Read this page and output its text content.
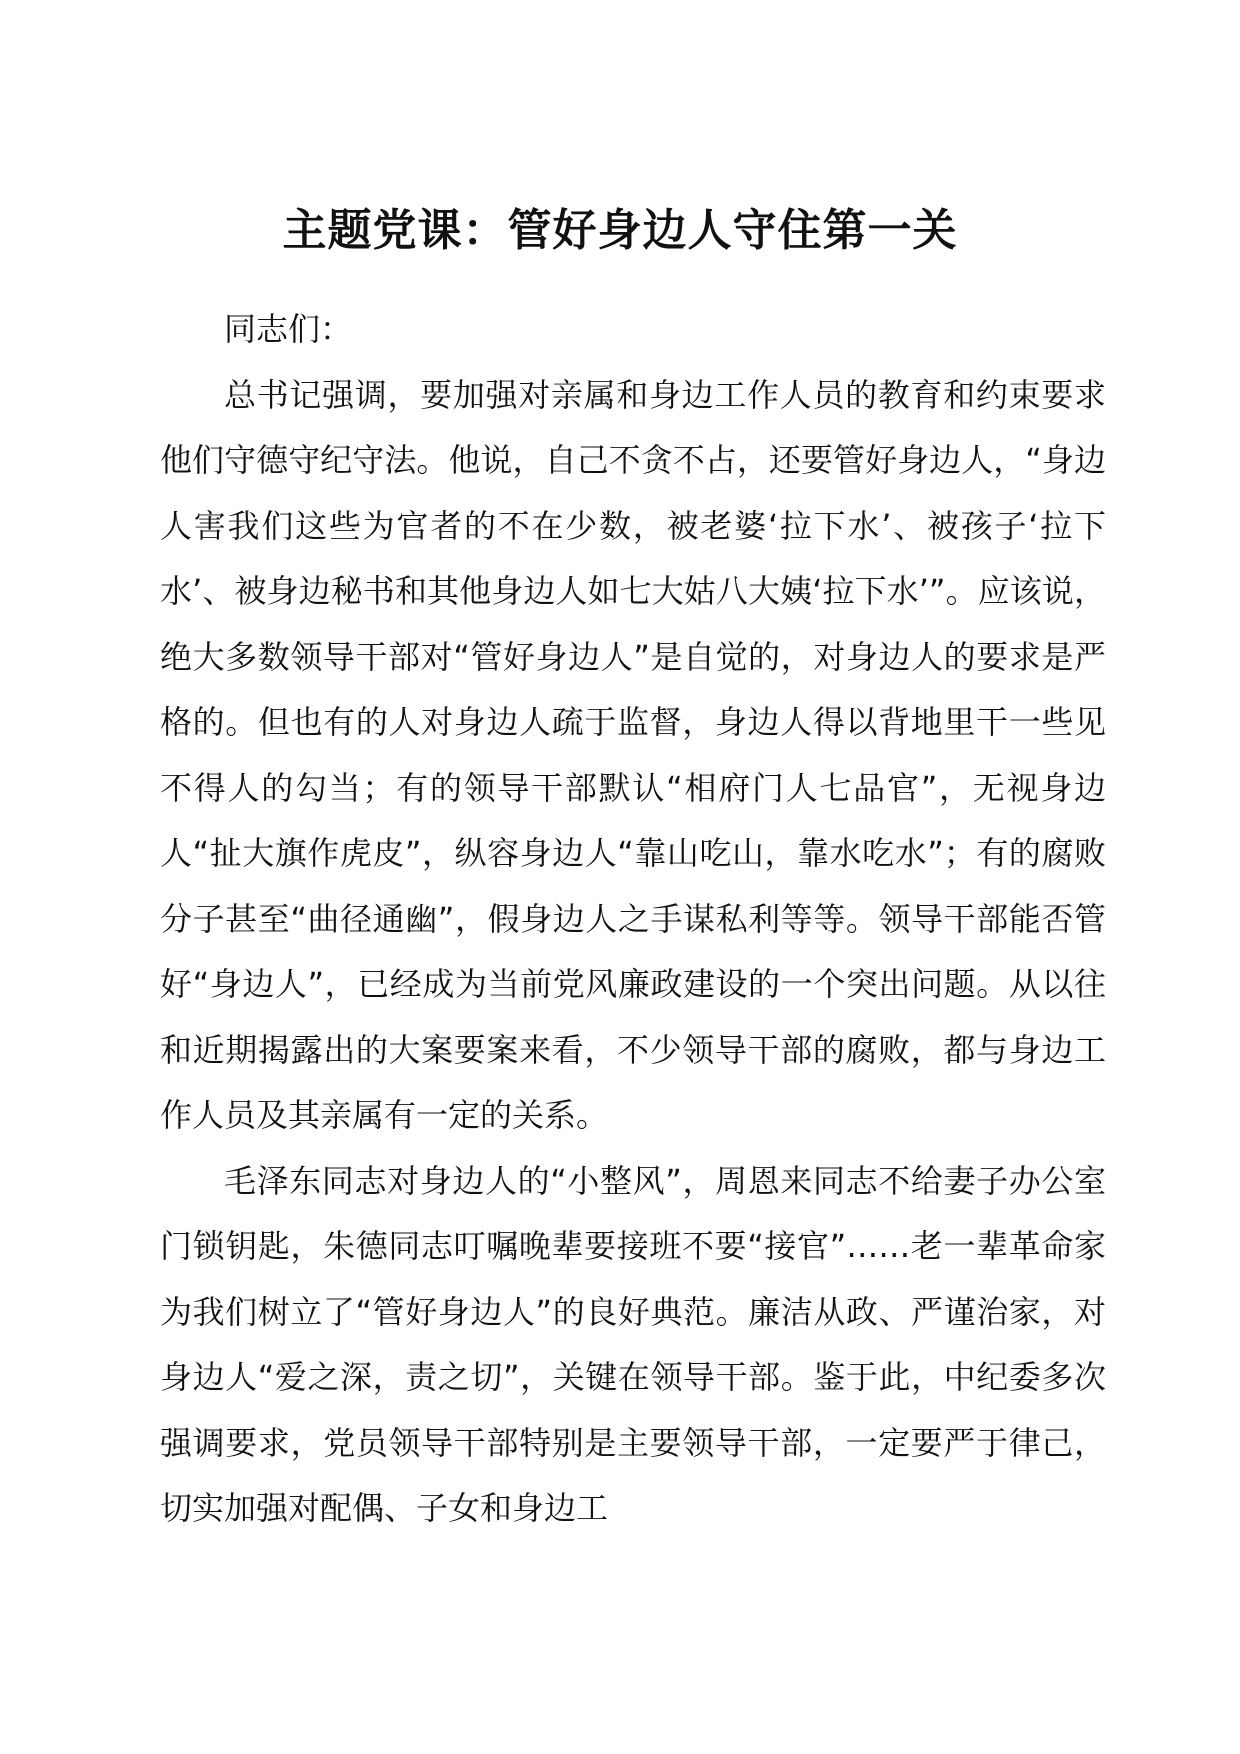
主题党课：管好身边人守住第一关

同志们：

总书记强调，要加强对亲属和身边工作人员的教育和约束要求他们守德守纪守法。他说，自己不贪不占，还要管好身边人，“身边人害我们这些为官者的不在少数，被老婆‘拉下水’、被孩子‘拉下水’、被身边秘书和其他身边人如七大姑八大姨‘拉下水’”。应该说，绝大多数领导干部对“管好身边人”是自觉的，对身边人的要求是严格的。但也有的人对身边人疏于监督，身边人得以背地里干一些见不得人的勾当；有的领导干部默认“相府门人七品官”，无视身边人“扯大旗作虎皮”，纵容身边人“靠山吃山，靠水吃水”；有的腐败分子甚至“曲径通幽”，假身边人之手谋私利等等。领导干部能否管好“身边人”，已经成为当前党风廉政建设的一个突出问题。从以往和近期揭露出的大案要案来看，不少领导干部的腐败，都与身边工作人员及其亲属有一定的关系。

毛泽东同志对身边人的“小整风”，周恩来同志不给妻子办公室门锁钥匙，朱德同志叮嘱晚辈要接班不要“接官”……老一辈革命家为我们树立了“管好身边人”的良好典范。廉洁从政、严谨治家，对身边人“爱之深，责之切”，关键在领导干部。鉴于此，中纪委多次强调要求，党员领导干部特别是主要领导干部，一定要严于律己，切实加强对配偶、子女和身边工
